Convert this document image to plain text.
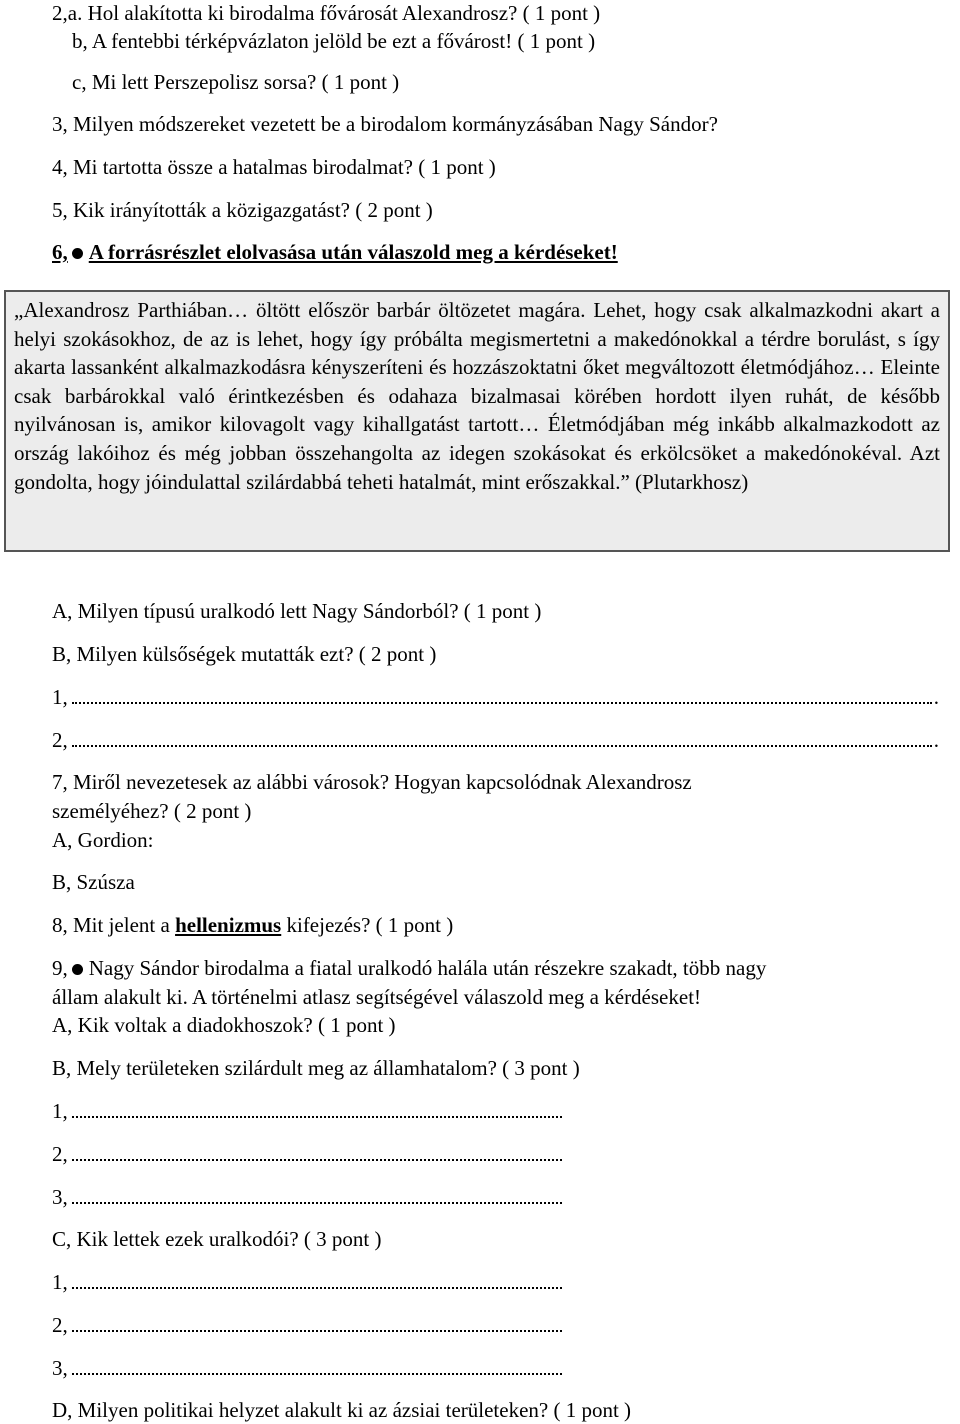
2,a. Hol alakította ki birodalma fővárosát Alexandrosz? ( 1 pont )
b, A fentebbi térképvázlaton jelöld be ezt a fővárost! ( 1 pont )
c, Mi lett Perszepolisz sorsa? ( 1 pont )
3, Milyen módszereket vezetett be a birodalom kormányzásában Nagy Sándor?
4, Mi tartotta össze a hatalmas birodalmat? ( 1 pont )
5, Kik irányították a közigazgatást? ( 2 pont )
6, A forrásrészlet elolvasása után válaszold meg a kérdéseket!
„Alexandrosz Parthiában… öltött először barbár öltözetet magára. Lehet, hogy csak alkalmazkodni akart a helyi szokásokhoz, de az is lehet, hogy így próbálta megismertetni a makedónokkal a térdre borulást, s így akarta lassanként alkalmazkodásra kényszeríteni és hozzászoktatni őket megváltozott életmódjához… Eleinte csak barbárokkal való érintkezésben és odahaza bizalmasai körében hordott ilyen ruhát, de később nyilvánosan is, amikor kilovagolt vagy kihallgatást tartott… Életmódjában még inkább alkalmazkodott az ország lakóihoz és még jobban összehangolta az idegen szokásokat és erkölcsöket a makedónokéval. Azt gondolta, hogy jóindulattal szilárdabbá teheti hatalmát, mint erőszakkal.” (Plutarkhosz)
A, Milyen típusú uralkodó lett Nagy Sándorból? ( 1 pont )
B, Milyen külsőségek mutatták ezt? ( 2 pont )
1,	.
2,	.
7, Miről nevezetesek az alábbi városok? Hogyan kapcsolódnak Alexandrosz
személyéhez? ( 2 pont )
A, Gordion:
B, Szúsza
8, Mit jelent a hellenizmus kifejezés? ( 1 pont )
9, Nagy Sándor birodalma a fiatal uralkodó halála után részekre szakadt, több nagy
állam alakult ki. A történelmi atlasz segítségével válaszold meg a kérdéseket!
A, Kik voltak a diadokhoszok? ( 1 pont )
B, Mely területeken szilárdult meg az államhatalom? ( 3 pont )
1,
2,
3,
C, Kik lettek ezek uralkodói? ( 3 pont )
1,
2,
3,
D, Milyen politikai helyzet alakult ki az ázsiai területeken? ( 1 pont )
